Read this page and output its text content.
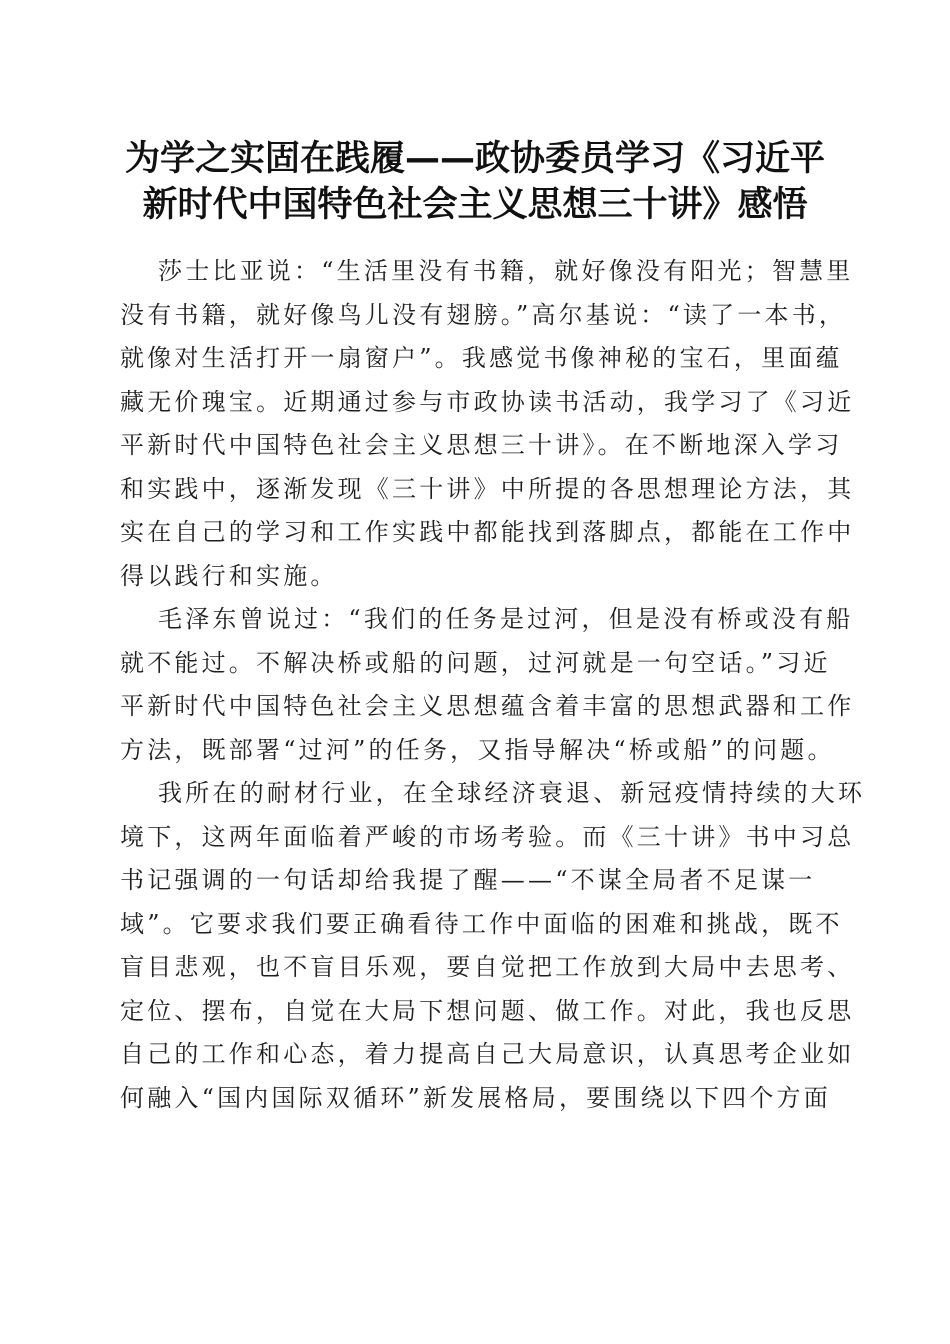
为学之实固在践履——政协委员学习《习近平
新时代中国特色社会主义思想三十讲》感悟

莎士比亚说：“生活里没有书籍，就好像没有阳光；智慧里
没有书籍，就好像鸟儿没有翅膀。”高尔基说：“读了一本书，
就像对生活打开一扇窗户”。我感觉书像神秘的宝石，里面蕴
藏无价瑰宝。近期通过参与市政协读书活动，我学习了《习近
平新时代中国特色社会主义思想三十讲》。在不断地深入学习
和实践中，逐渐发现《三十讲》中所提的各思想理论方法，其
实在自己的学习和工作实践中都能找到落脚点，都能在工作中
得以践行和实施。

毛泽东曾说过：“我们的任务是过河，但是没有桥或没有船
就不能过。不解决桥或船的问题，过河就是一句空话。”习近
平新时代中国特色社会主义思想蕴含着丰富的思想武器和工作
方法，既部署“过河”的任务，又指导解决“桥或船”的问题。

我所在的耐材行业，在全球经济衰退、新冠疫情持续的大环
境下，这两年面临着严峻的市场考验。而《三十讲》书中习总
书记强调的一句话却给我提了醒——“不谋全局者不足谋一
域”。它要求我们要正确看待工作中面临的困难和挑战，既不
盲目悲观，也不盲目乐观，要自觉把工作放到大局中去思考、
定位、摆布，自觉在大局下想问题、做工作。对此，我也反思
自己的工作和心态，着力提高自己大局意识，认真思考企业如
何融入“国内国际双循环”新发展格局，要围绕以下四个方面
